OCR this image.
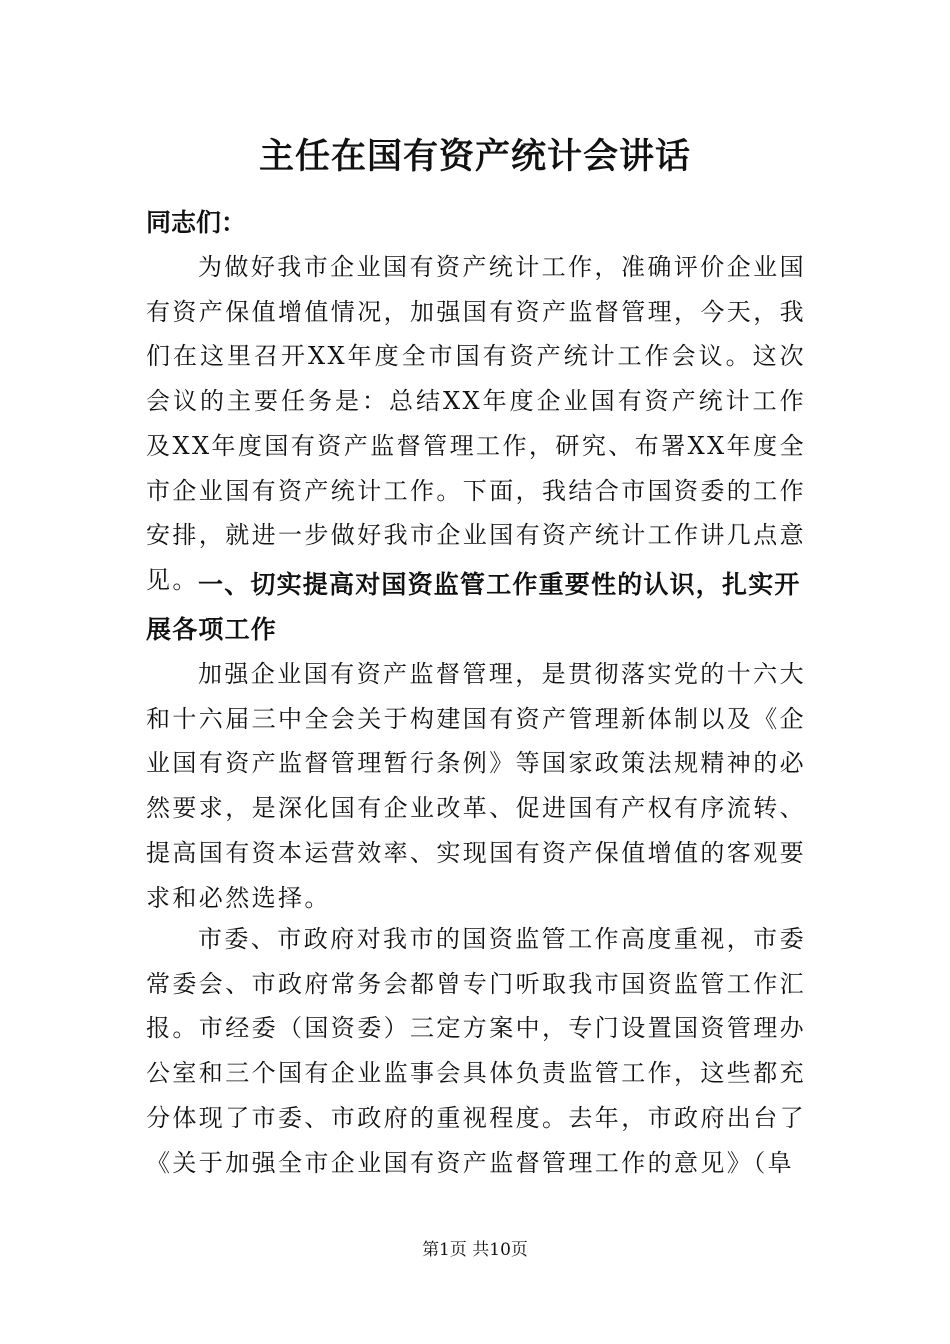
主任在国有资产统计会讲话
同志们：

为做好我市企业国有资产统计工作，准确评价企业国有资产保值增值情况，加强国有资产监督管理，今天，我们在这里召开XX年度全市国有资产统计工作会议。这次会议的主要任务是：总结XX年度企业国有资产统计工作及XX年度国有资产监督管理工作，研究、布署XX年度全市企业国有资产统计工作。下面，我结合市国资委的工作安排，就进一步做好我市企业国有资产统计工作讲几点意见。 一、切实提高对国资监管工作重要性的认识，扎实开展各项工作

加强企业国有资产监督管理，是贯彻落实党的十六大和十六届三中全会关于构建国有资产管理新体制以及《企业国有资产监督管理暂行条例》等国家政策法规精神的必然要求，是深化国有企业改革、促进国有产权有序流转、提高国有资本运营效率、实现国有资产保值增值的客观要求和必然选择。

市委、市政府对我市的国资监管工作高度重视，市委常委会、市政府常务会都曾专门听取我市国资监管工作汇报。市经委（国资委）三定方案中，专门设置国资管理办公室和三个国有企业监事会具体负责监管工作，这些都充分体现了市委、市政府的重视程度。去年，市政府出台了《关于加强全市企业国有资产监督管理工作的意见》（阜

第1页 共10页
